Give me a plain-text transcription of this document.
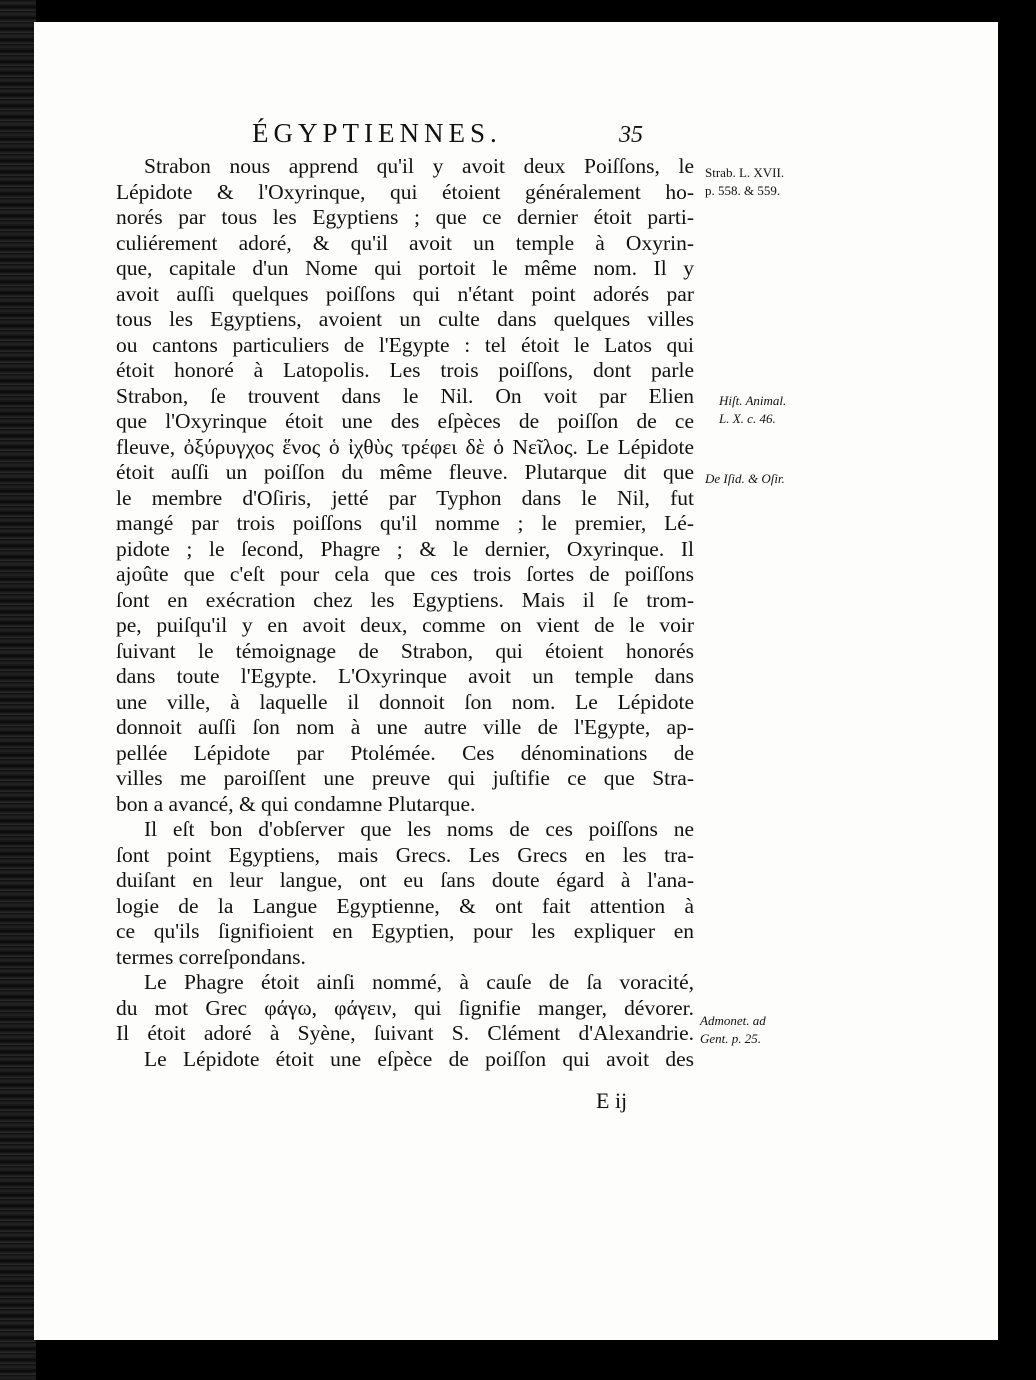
ÉGYPTIENNES.	35
Strabon nous apprend qu'il y avoit deux Poiſſons, le
Lépidote & l'Oxyrinque, qui étoient généralement ho-
norés par tous les Egyptiens ; que ce dernier étoit parti-
culiérement adoré, & qu'il avoit un temple à Oxyrin-
que, capitale d'un Nome qui portoit le même nom. Il y
avoit auſſi quelques poiſſons qui n'étant point adorés par
tous les Egyptiens, avoient un culte dans quelques villes
ou cantons particuliers de l'Egypte : tel étoit le Latos qui
étoit honoré à Latopolis. Les trois poiſſons, dont parle
Strabon, ſe trouvent dans le Nil. On voit par Elien
que l'Oxyrinque étoit une des eſpèces de poiſſon de ce
fleuve, ὀξύρυγχος ἕνος ὁ ἰχθὺς τρέφει δὲ ὁ Νεῖλος. Le Lépidote
étoit auſſi un poiſſon du même fleuve. Plutarque dit que
le membre d'Oſiris, jetté par Typhon dans le Nil, fut
mangé par trois poiſſons qu'il nomme ; le premier, Lé-
pidote ; le ſecond, Phagre ; & le dernier, Oxyrinque. Il
ajoûte que c'eſt pour cela que ces trois ſortes de poiſſons
ſont en exécration chez les Egyptiens. Mais il ſe trom-
pe, puiſqu'il y en avoit deux, comme on vient de le voir
ſuivant le témoignage de Strabon, qui étoient honorés
dans toute l'Egypte. L'Oxyrinque avoit un temple dans
une ville, à laquelle il donnoit ſon nom. Le Lépidote
donnoit auſſi ſon nom à une autre ville de l'Egypte, ap-
pellée Lépidote par Ptolémée. Ces dénominations de
villes me paroiſſent une preuve qui juſtifie ce que Stra-
bon a avancé, & qui condamne Plutarque.
Il eſt bon d'obſerver que les noms de ces poiſſons ne
ſont point Egyptiens, mais Grecs. Les Grecs en les tra-
duiſant en leur langue, ont eu ſans doute égard à l'ana-
logie de la Langue Egyptienne, & ont fait attention à
ce qu'ils ſignifioient en Egyptien, pour les expliquer en
termes correſpondans.
Le Phagre étoit ainſi nommé, à cauſe de ſa voracité,
du mot Grec φάγω, φάγειν, qui ſignifie manger, dévorer.
Il étoit adoré à Syène, ſuivant S. Clément d'Alexandrie.
Le Lépidote étoit une eſpèce de poiſſon qui avoit des
E ij
Strab. L. XVII.
p. 558. & 559.
Hiſt. Animal.
L. X. c. 46.
De Iſid. & Oſir.
Admonet. ad
Gent. p. 25.
